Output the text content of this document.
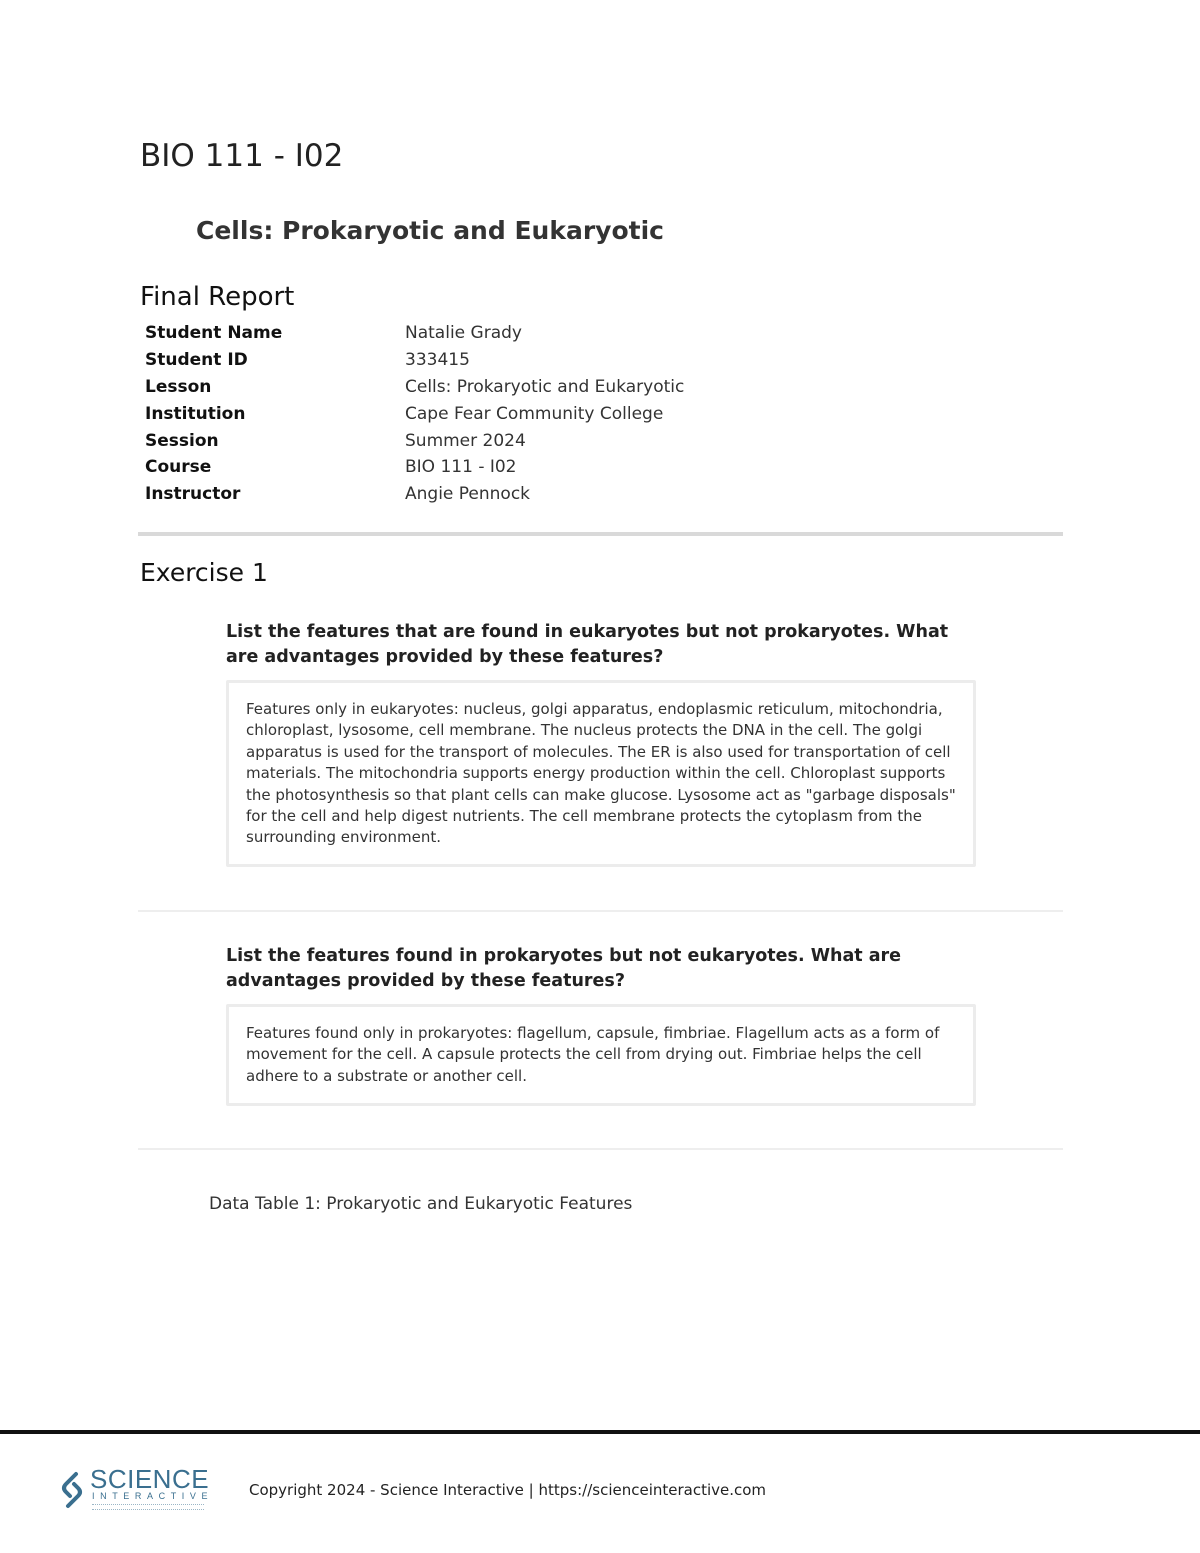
BIO 111 - I02
Cells: Prokaryotic and Eukaryotic
Final Report
Student Name	Natalie Grady
Student ID	333415
Lesson	Cells: Prokaryotic and Eukaryotic
Institution	Cape Fear Community College
Session	Summer 2024
Course	BIO 111 - I02
Instructor	Angie Pennock
Exercise 1

List the features that are found in eukaryotes but not prokaryotes. What are advantages provided by these features?

Features only in eukaryotes: nucleus, golgi apparatus, endoplasmic reticulum, mitochondria, chloroplast, lysosome, cell membrane. The nucleus protects the DNA in the cell. The golgi apparatus is used for the transport of molecules. The ER is also used for transportation of cell materials. The mitochondria supports energy production within the cell. Chloroplast supports the photosynthesis so that plant cells can make glucose. Lysosome act as "garbage disposals" for the cell and help digest nutrients. The cell membrane protects the cytoplasm from the surrounding environment.

List the features found in prokaryotes but not eukaryotes. What are advantages provided by these features?

Features found only in prokaryotes: flagellum, capsule, fimbriae. Flagellum acts as a form of movement for the cell. A capsule protects the cell from drying out. Fimbriae helps the cell adhere to a substrate or another cell.
Data Table 1: Prokaryotic and Eukaryotic Features
SCIENCE
INTERACTIVE Copyright 2024 - Science Interactive | https://scienceinteractive.com
